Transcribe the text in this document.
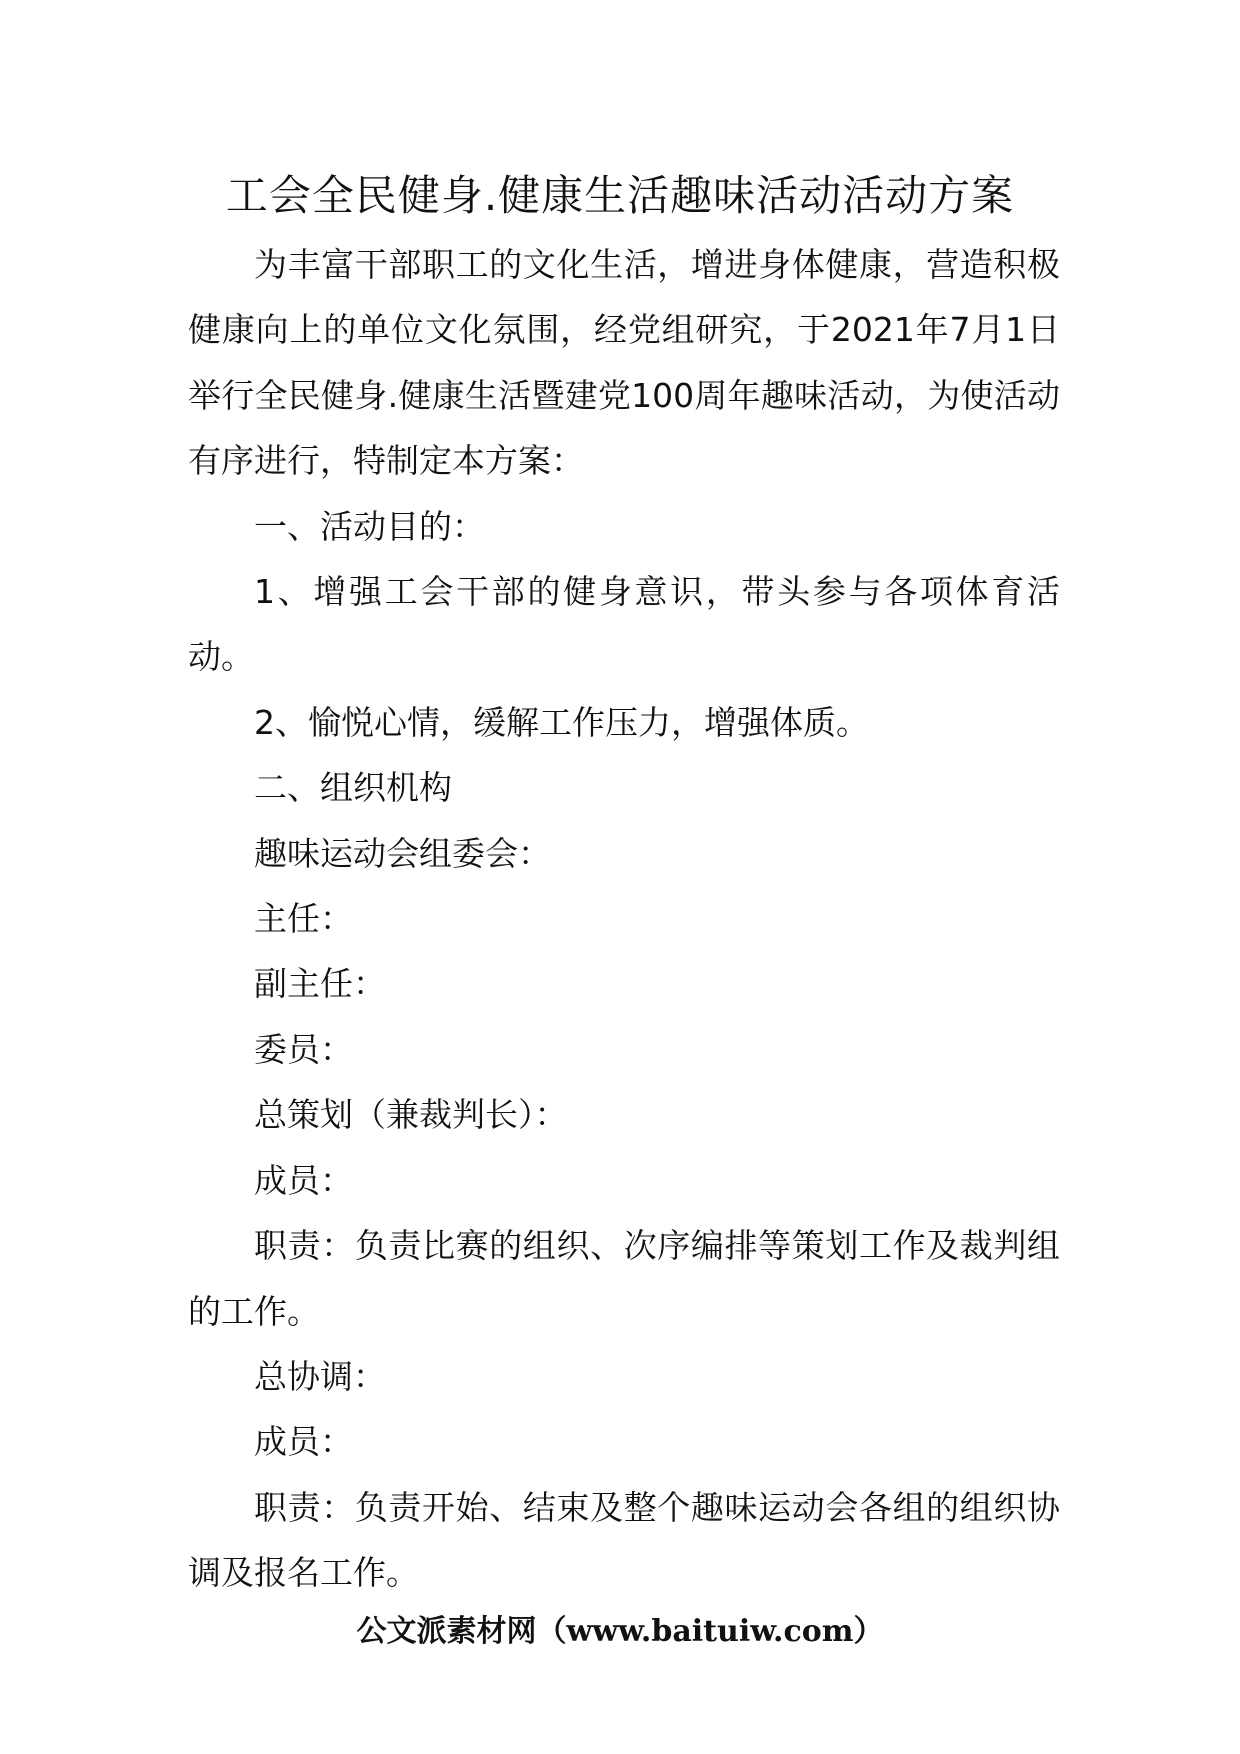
工会全民健身.健康生活趣味活动活动方案

为丰富干部职工的文化生活，增进身体健康，营造积极健康向上的单位文化氛围，经党组研究，于2021年7月1日举行全民健身.健康生活暨建党100周年趣味活动，为使活动有序进行，特制定本方案：

一、活动目的：

1、增强工会干部的健身意识，带头参与各项体育活动。

2、愉悦心情，缓解工作压力，增强体质。

二、组织机构

趣味运动会组委会：

主任：

副主任：

委员：

总策划（兼裁判长）：

成员：

职责：负责比赛的组织、次序编排等策划工作及裁判组的工作。

总协调：

成员：

职责：负责开始、结束及整个趣味运动会各组的组织协调及报名工作。

公文派素材网（www.baituiw.com）
